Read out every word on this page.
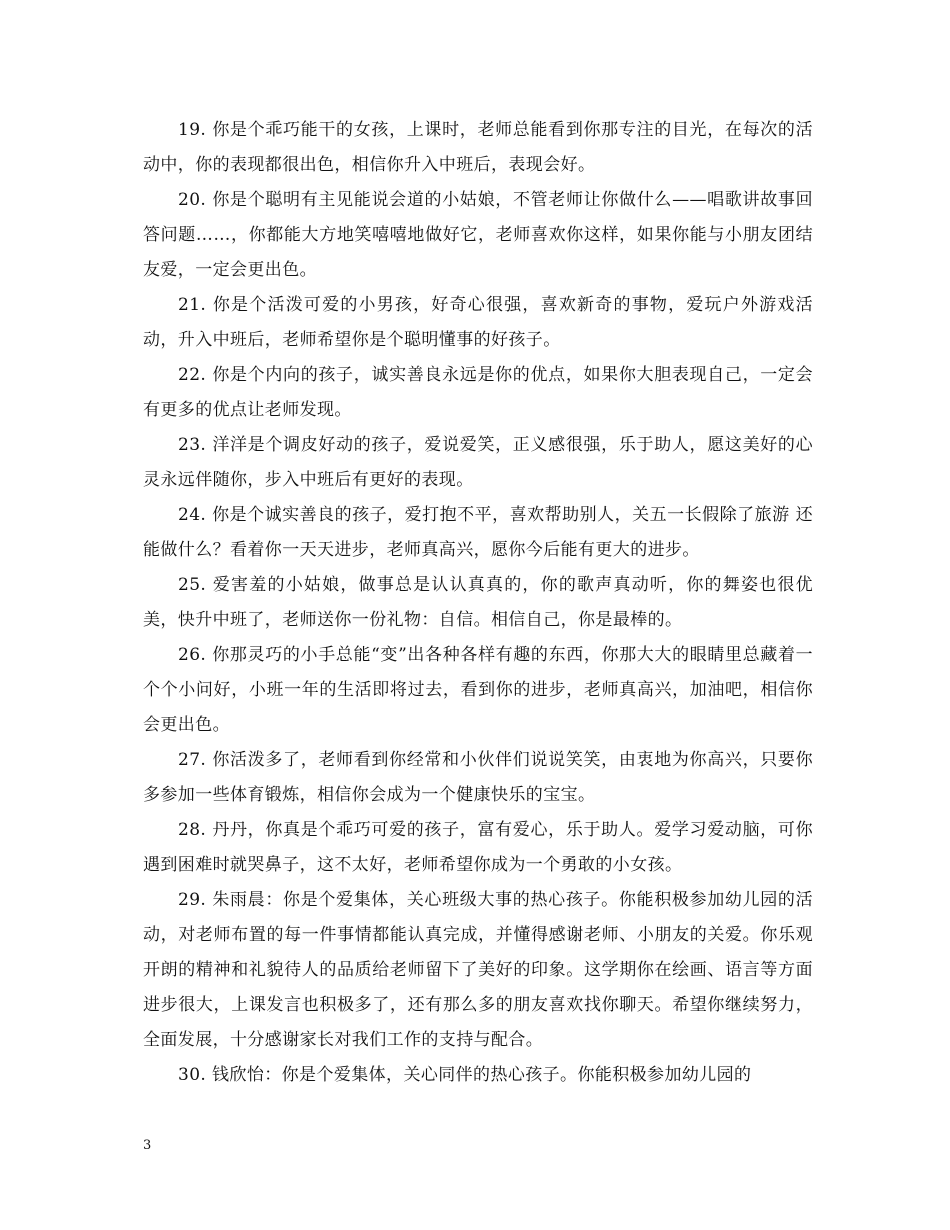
19. 你是个乖巧能干的女孩，上课时，老师总能看到你那专注的目光，在每次的活动中，你的表现都很出色，相信你升入中班后，表现会好。

20. 你是个聪明有主见能说会道的小姑娘，不管老师让你做什么——唱歌讲故事回答问题……，你都能大方地笑嘻嘻地做好它，老师喜欢你这样，如果你能与小朋友团结友爱，一定会更出色。

21. 你是个活泼可爱的小男孩，好奇心很强，喜欢新奇的事物，爱玩户外游戏活动，升入中班后，老师希望你是个聪明懂事的好孩子。

22. 你是个内向的孩子，诚实善良永远是你的优点，如果你大胆表现自己，一定会有更多的优点让老师发现。

23. 洋洋是个调皮好动的孩子，爱说爱笑，正义感很强，乐于助人，愿这美好的心灵永远伴随你，步入中班后有更好的表现。

24. 你是个诚实善良的孩子，爱打抱不平，喜欢帮助别人，关五一长假除了旅游 还能做什么？看着你一天天进步，老师真高兴，愿你今后能有更大的进步。

25. 爱害羞的小姑娘，做事总是认认真真的，你的歌声真动听，你的舞姿也很优美，快升中班了，老师送你一份礼物：自信。相信自己，你是最棒的。

26. 你那灵巧的小手总能“变”出各种各样有趣的东西，你那大大的眼睛里总藏着一个个小问好，小班一年的生活即将过去，看到你的进步，老师真高兴，加油吧，相信你会更出色。

27. 你活泼多了，老师看到你经常和小伙伴们说说笑笑，由衷地为你高兴，只要你多参加一些体育锻炼，相信你会成为一个健康快乐的宝宝。

28. 丹丹，你真是个乖巧可爱的孩子，富有爱心，乐于助人。爱学习爱动脑，可你遇到困难时就哭鼻子，这不太好，老师希望你成为一个勇敢的小女孩。

29. 朱雨晨：你是个爱集体，关心班级大事的热心孩子。你能积极参加幼儿园的活动，对老师布置的每一件事情都能认真完成，并懂得感谢老师、小朋友的关爱。你乐观开朗的精神和礼貌待人的品质给老师留下了美好的印象。这学期你在绘画、语言等方面进步很大，上课发言也积极多了，还有那么多的朋友喜欢找你聊天。希望你继续努力，全面发展，十分感谢家长对我们工作的支持与配合。

30. 钱欣怡：你是个爱集体，关心同伴的热心孩子。你能积极参加幼儿园的

3
